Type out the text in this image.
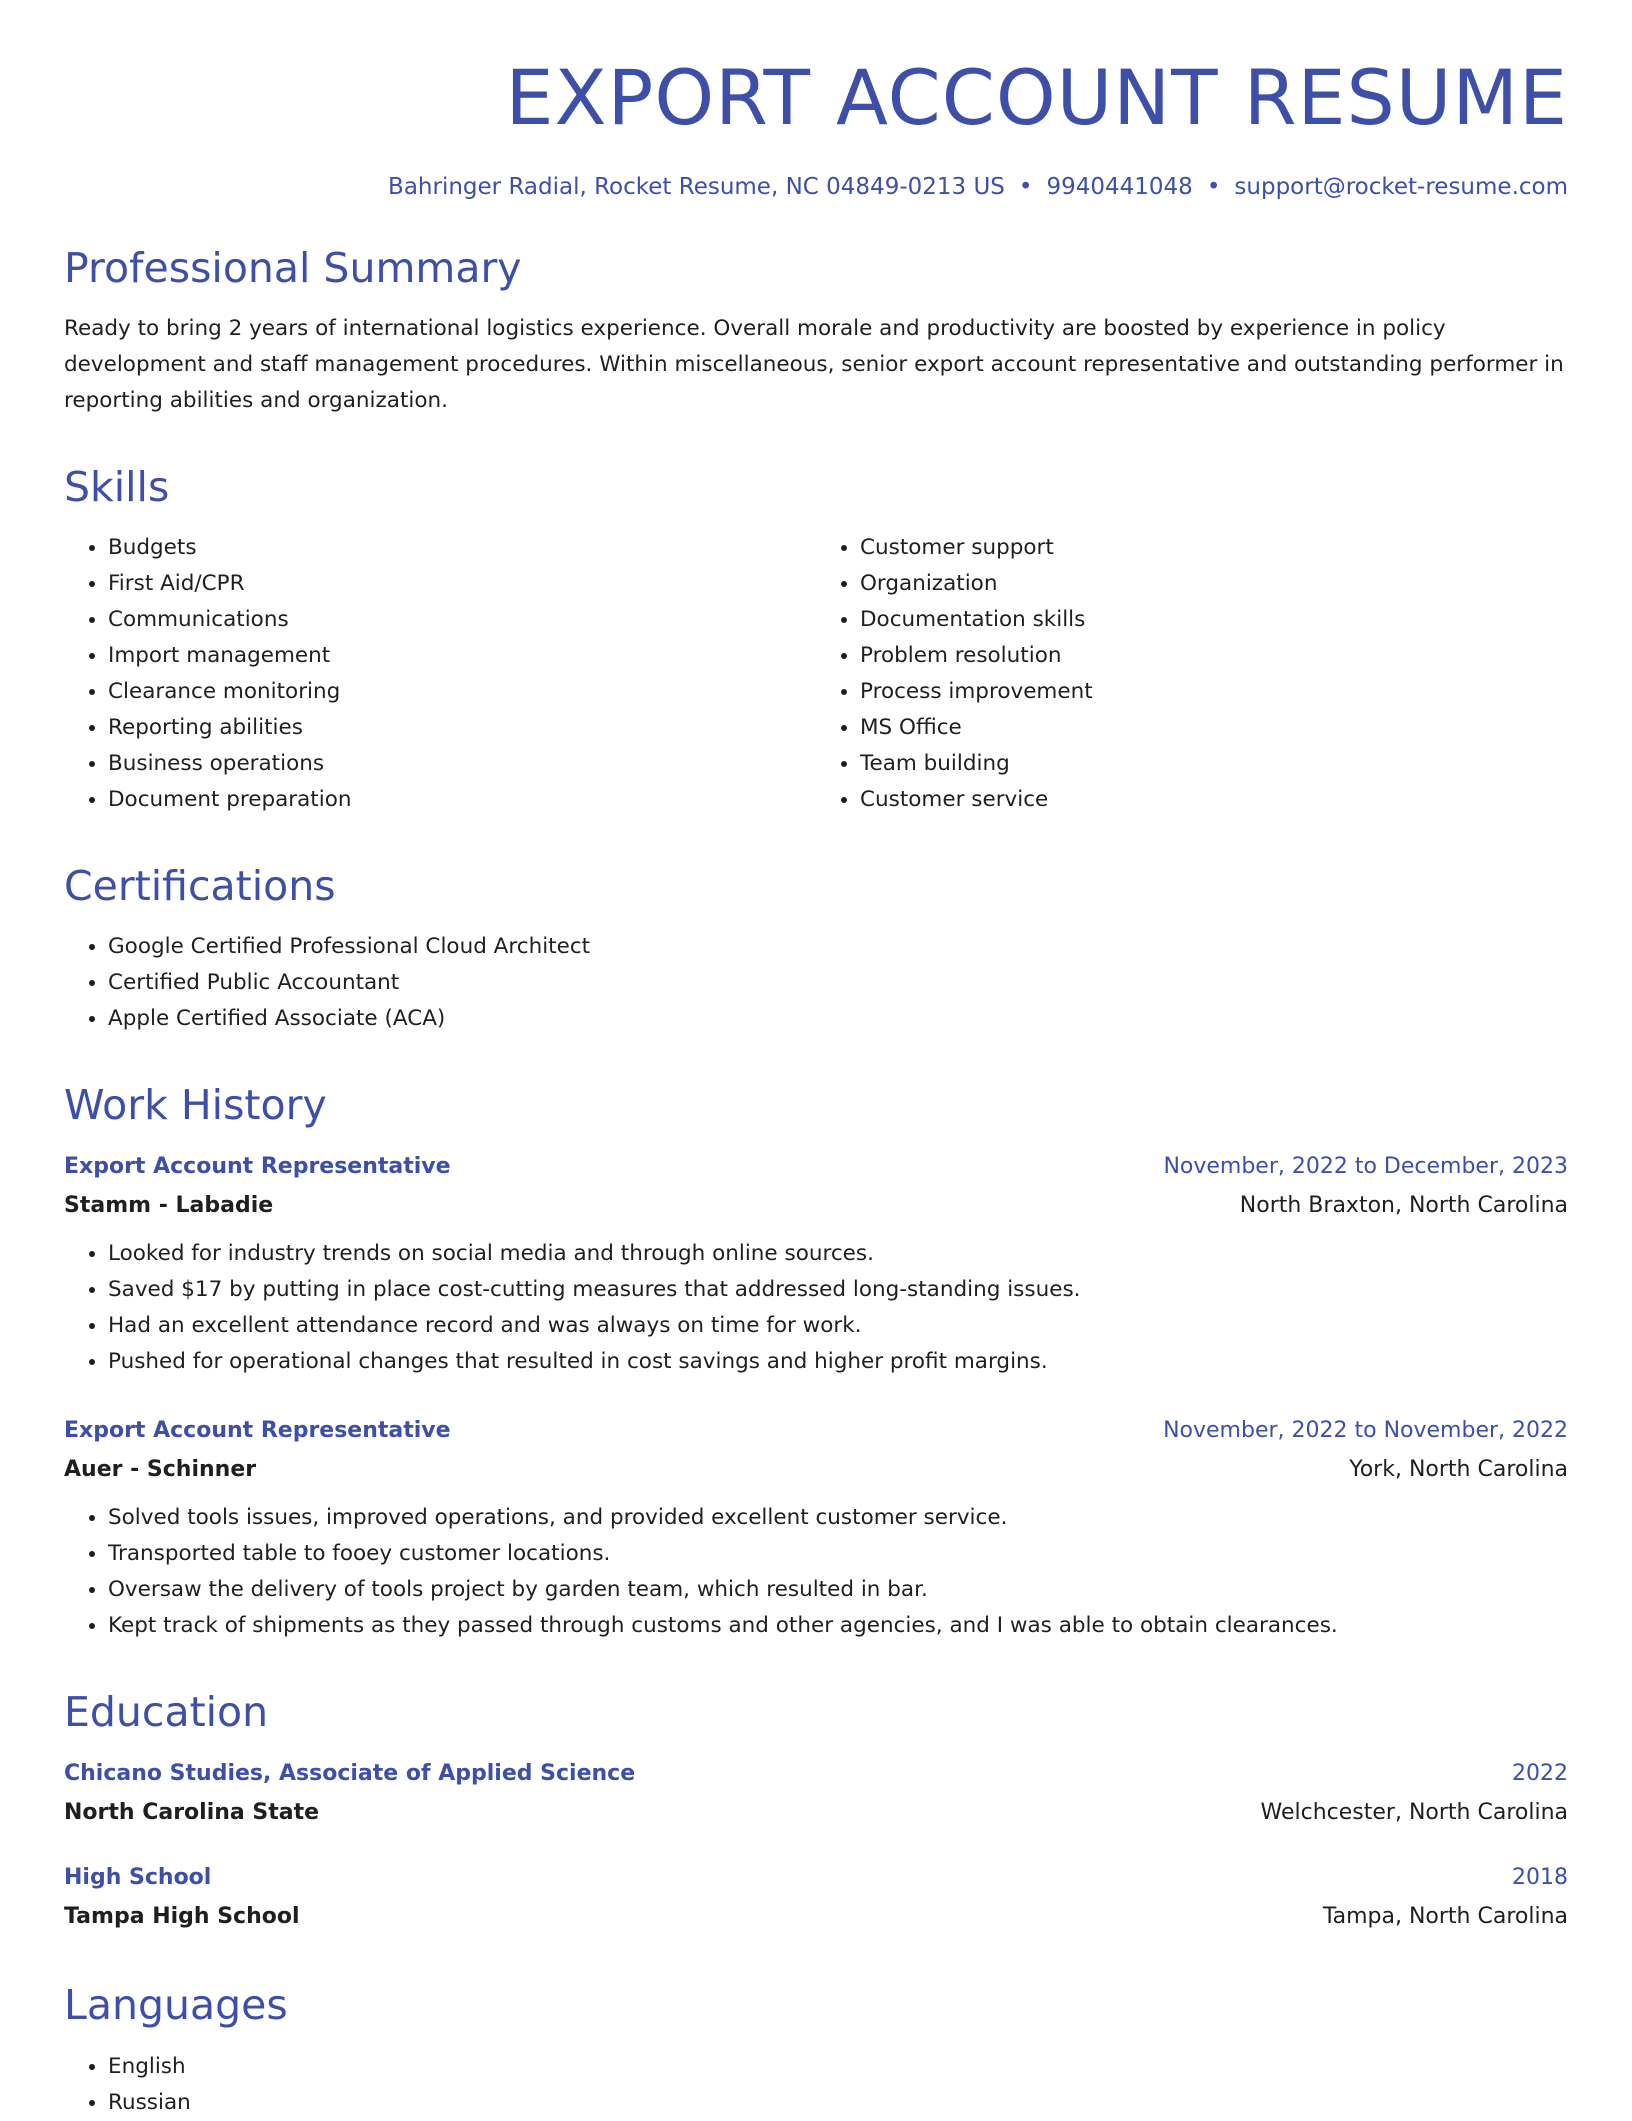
EXPORT ACCOUNT RESUME
Bahringer Radial, Rocket Resume, NC 04849-0213 US • 9940441048 • support@rocket-resume.com
Professional Summary

Ready to bring 2 years of international logistics experience. Overall morale and productivity are boosted by experience in policy development and staff management procedures. Within miscellaneous, senior export account representative and outstanding performer in reporting abilities and organization.

Skills
• Budgets
• First Aid/CPR
• Communications
• Import management
• Clearance monitoring
• Reporting abilities
• Business operations
• Document preparation
• Customer support
• Organization
• Documentation skills
• Problem resolution
• Process improvement
• MS Office
• Team building
• Customer service
Certifications
• Google Certified Professional Cloud Architect
• Certified Public Accountant
• Apple Certified Associate (ACA)
Work History
Export Account Representative	November, 2022 to December, 2023
Stamm - Labadie	North Braxton, North Carolina
• Looked for industry trends on social media and through online sources.
• Saved $17 by putting in place cost-cutting measures that addressed long-standing issues.
• Had an excellent attendance record and was always on time for work.
• Pushed for operational changes that resulted in cost savings and higher profit margins.
Export Account Representative	November, 2022 to November, 2022
Auer - Schinner	York, North Carolina
• Solved tools issues, improved operations, and provided excellent customer service.
• Transported table to fooey customer locations.
• Oversaw the delivery of tools project by garden team, which resulted in bar.
• Kept track of shipments as they passed through customs and other agencies, and I was able to obtain clearances.
Education
Chicano Studies, Associate of Applied Science	2022
North Carolina State	Welchcester, North Carolina
High School	2018
Tampa High School	Tampa, North Carolina
Languages
• English
• Russian
